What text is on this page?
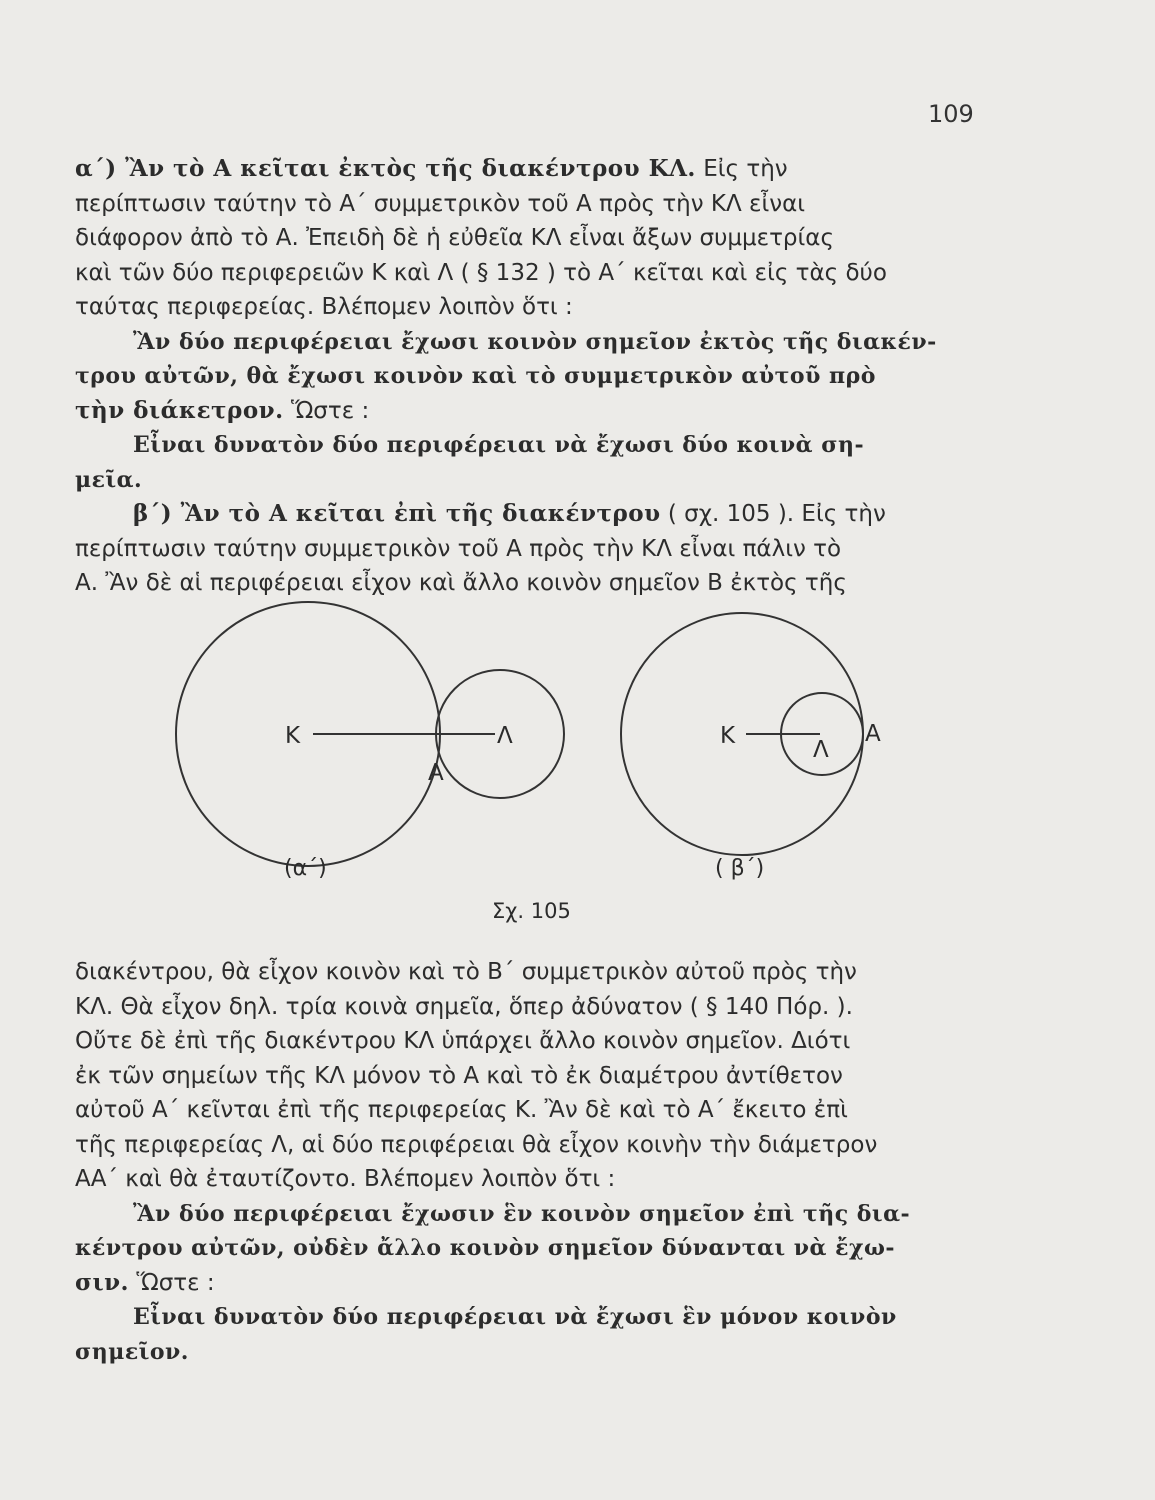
109
α΄) Ἂν τὸ Α κεῖται ἐκτὸς τῆς διακέντρου ΚΛ. Εἰς τὴν
περίπτωσιν ταύτην τὸ Α΄ συμμετρικὸν τοῦ Α πρὸς τὴν ΚΛ εἶναι
διάφορον ἀπὸ τὸ Α. Ἐπειδὴ δὲ ἡ εὐθεῖα ΚΛ εἶναι ἄξων συμμετρίας
καὶ τῶν δύο περιφερειῶν Κ καὶ Λ ( § 132 ) τὸ Α΄ κεῖται καὶ εἰς τὰς δύο
ταύτας περιφερείας. Βλέπομεν λοιπὸν ὅτι :
Ἂν δύο περιφέρειαι ἔχωσι κοινὸν σημεῖον ἐκτὸς τῆς διακέν-
τρου αὐτῶν, θὰ ἔχωσι κοινὸν καὶ τὸ συμμετρικὸν αὐτοῦ πρὸ
τὴν διάκετρον. Ὥστε :
Εἶναι δυνατὸν δύο περιφέρειαι νὰ ἔχωσι δύο κοινὰ ση-
μεῖα.
β΄) Ἂν τὸ Α κεῖται ἐπὶ τῆς διακέντρου ( σχ. 105 ). Εἰς τὴν
περίπτωσιν ταύτην συμμετρικὸν τοῦ Α πρὸς τὴν ΚΛ εἶναι πάλιν τὸ
Α. Ἂν δὲ αἱ περιφέρειαι εἶχον καὶ ἄλλο κοινὸν σημεῖον Β ἐκτὸς τῆς
Κ	Λ
Α
(α΄)
Κ
Λ
Α
( β΄)
Σχ. 105
διακέντρου, θὰ εἶχον κοινὸν καὶ τὸ Β΄ συμμετρικὸν αὐτοῦ πρὸς τὴν
ΚΛ. Θὰ εἶχον δηλ. τρία κοινὰ σημεῖα, ὅπερ ἀδύνατον ( § 140 Πόρ. ).
Οὔτε δὲ ἐπὶ τῆς διακέντρου ΚΛ ὑπάρχει ἄλλο κοινὸν σημεῖον. Διότι
ἐκ τῶν σημείων τῆς ΚΛ μόνον τὸ Α καὶ τὸ ἐκ διαμέτρου ἀντίθετον
αὐτοῦ Α΄ κεῖνται ἐπὶ τῆς περιφερείας Κ. Ἂν δὲ καὶ τὸ Α΄ ἔκειτο ἐπὶ
τῆς περιφερείας Λ, αἱ δύο περιφέρειαι θὰ εἶχον κοινὴν τὴν διάμετρον
ΑΑ΄ καὶ θὰ ἐταυτίζοντο. Βλέπομεν λοιπὸν ὅτι :
Ἂν δύο περιφέρειαι ἔχωσιν ἓν κοινὸν σημεῖον ἐπὶ τῆς δια-
κέντρου αὐτῶν, οὐδὲν ἄλλο κοινὸν σημεῖον δύνανται νὰ ἔχω-
σιν. Ὥστε :
Εἶναι δυνατὸν δύο περιφέρειαι νὰ ἔχωσι ἓν μόνον κοινὸν
σημεῖον.
